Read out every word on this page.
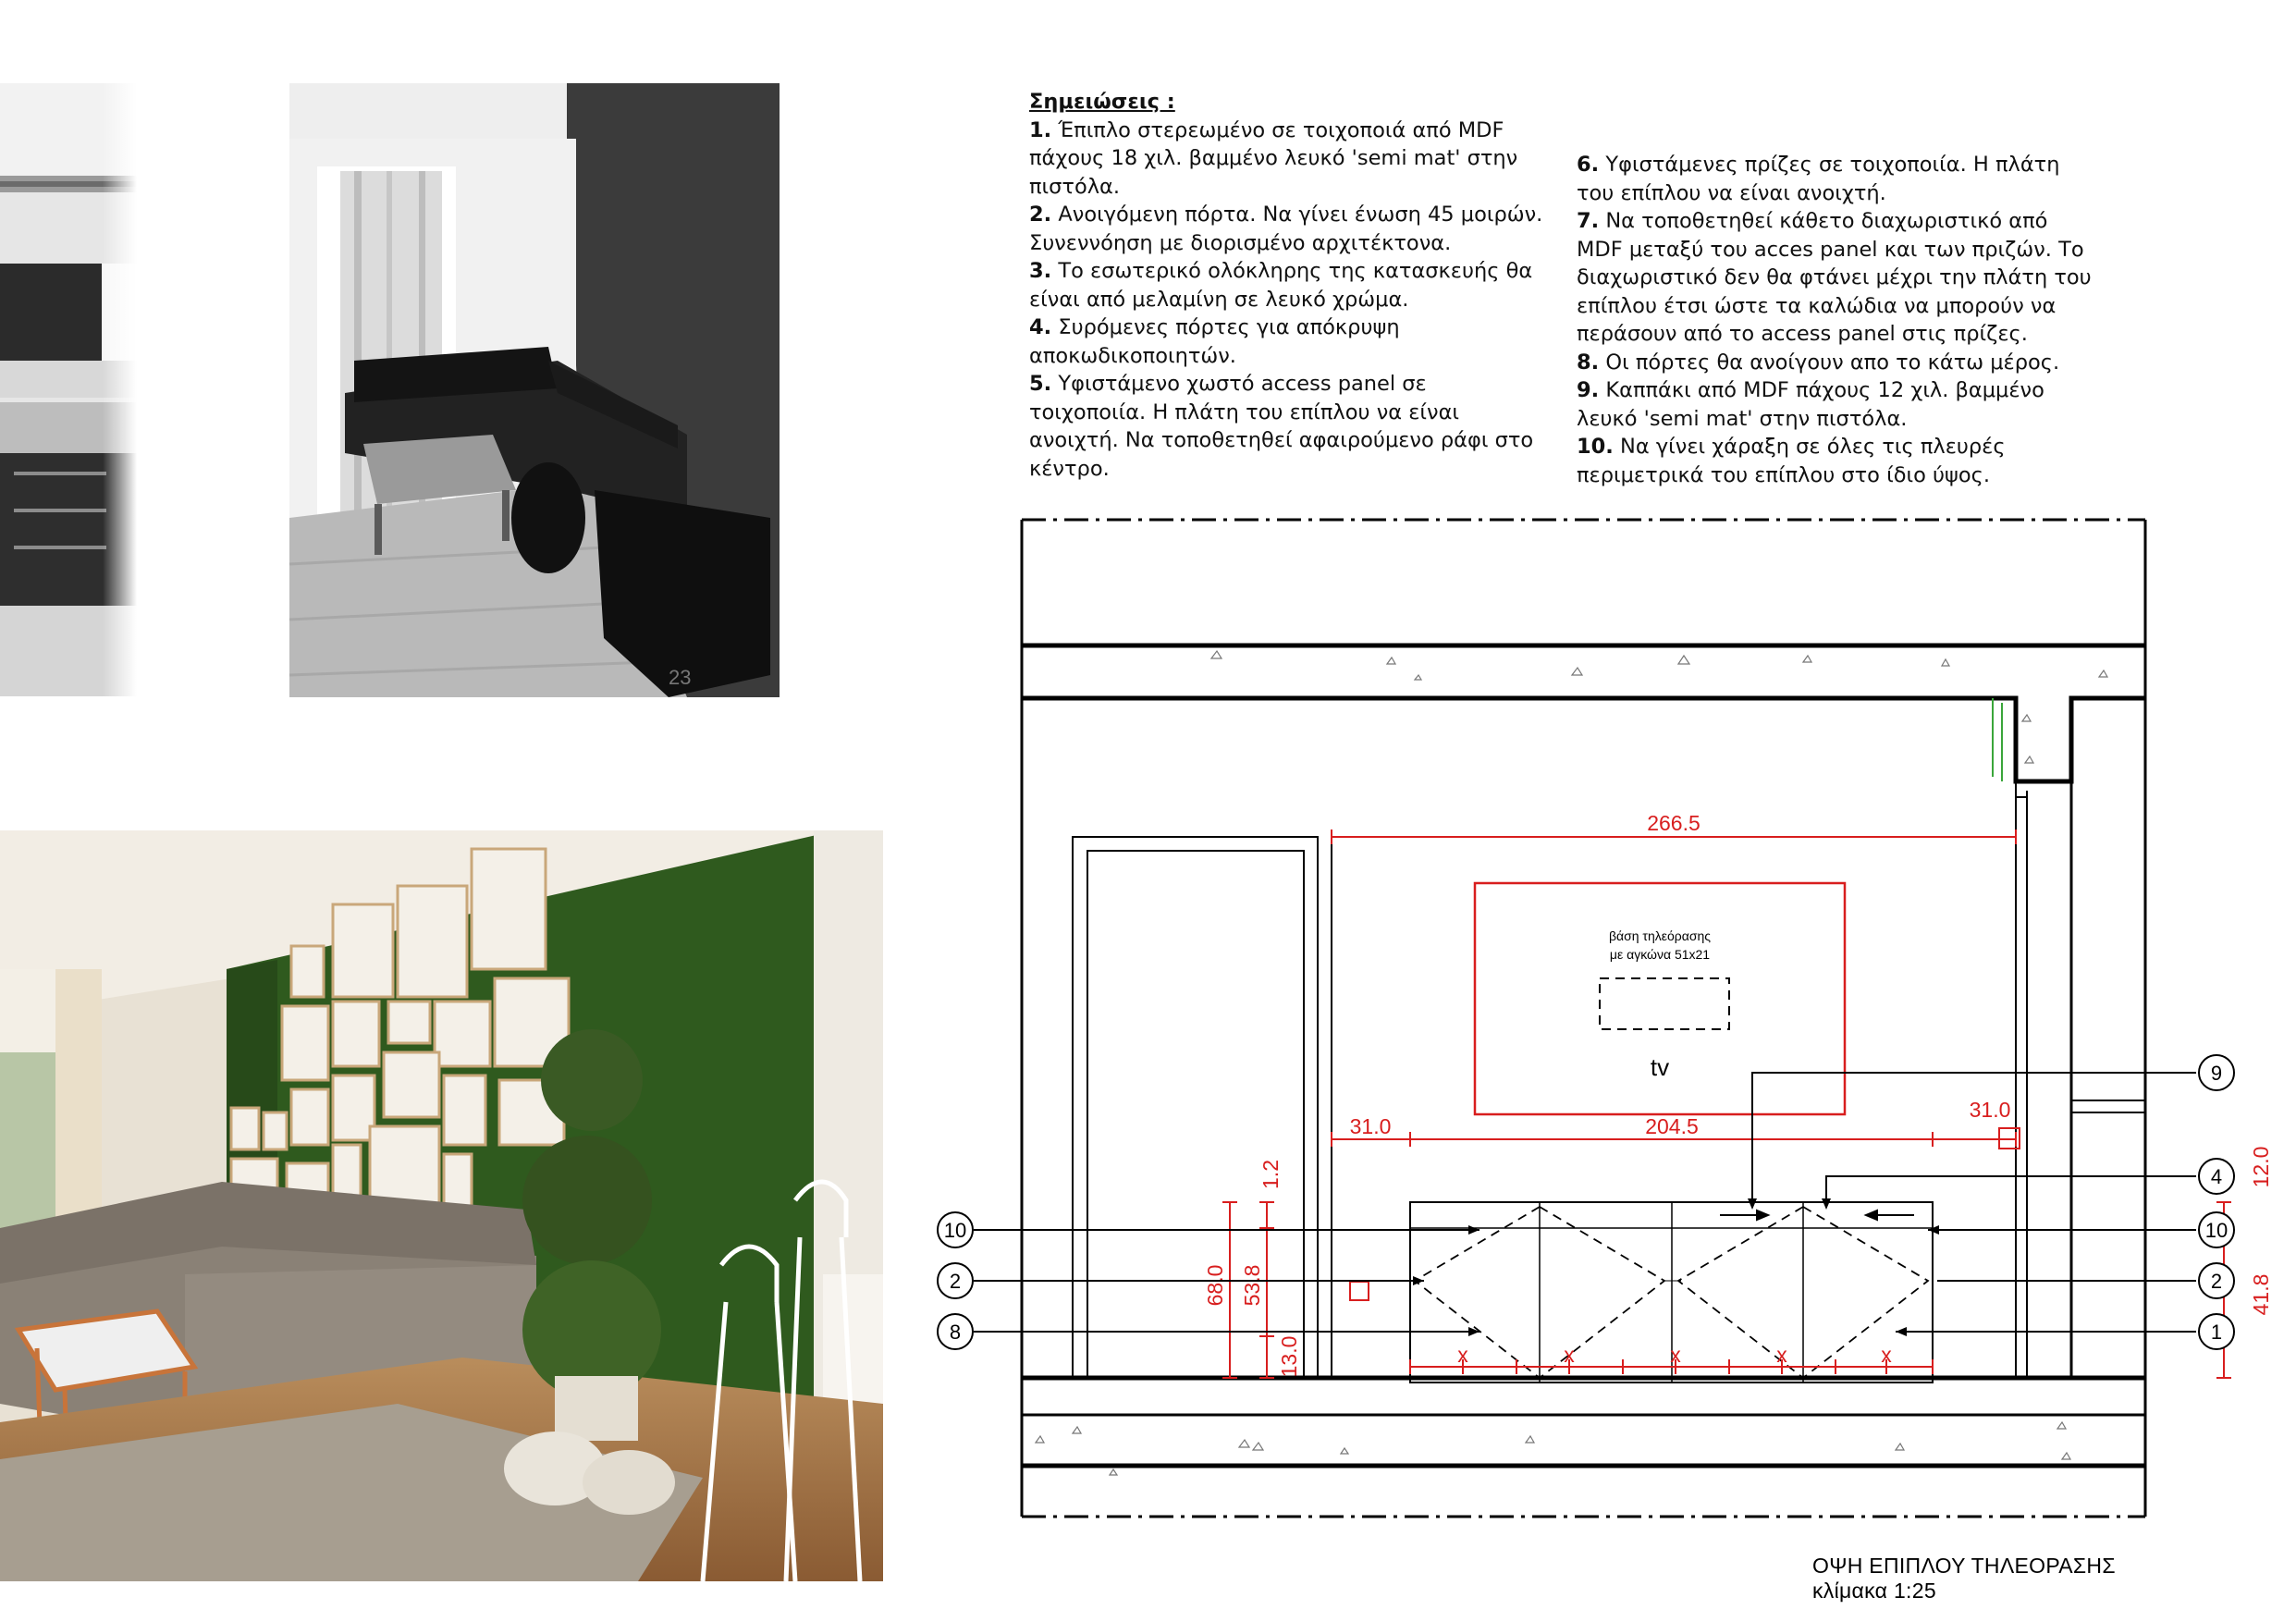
23
Σημειώσεις :

1. Έπιπλο στερεωμένο σε τοιχοποιά από MDF πάχους 18 χιλ. βαμμένο λευκό 'semi mat' στην πιστόλα.

2. Ανοιγόμενη πόρτα. Να γίνει ένωση 45 μοιρών. Συνεννόηση με διορισμένο αρχιτέκτονα.

3. Το εσωτερικό ολόκληρης της κατασκευής θα είναι από μελαμίνη σε λευκό χρώμα.

4. Συρόμενες πόρτες για απόκρυψη αποκωδικοποιητών.

5. Υφιστάμενο χωστό access panel σε τοιχοποιία. Η πλάτη του επίπλου να είναι ανοιχτή. Να τοποθετηθεί αφαιρούμενο ράφι στο κέντρο.

6. Υφιστάμενες πρίζες σε τοιχοποιία. Η πλάτη του επίπλου να είναι ανοιχτή.

7. Να τοποθετηθεί κάθετο διαχωριστικό από MDF μεταξύ του acces panel και των πριζών. Το διαχωριστικό δεν θα φτάνει μέχρι την πλάτη του επίπλου έτσι ώστε τα καλώδια να μπορούν να περάσουν από το access panel στις πρίζες.

8. Οι πόρτες θα ανοίγουν απο το κάτω μέρος.

9. Καππάκι από MDF πάχους 12 χιλ. βαμμένο λευκό 'semi mat' στην πιστόλα.

10. Να γίνει χάραξη σε όλες τις πλευρές περιμετρικά του επίπλου στο ίδιο ύψος.

βάση τηλεόρασης
με αγκώνα 51x21
tv
266.5
31.0	204.5
31.0
68.0 53.8
1.2
13.0
12.0
41.8
x	x	x	x	x
10
2
8
9
4
10
2
1
ΟΨΗ ΕΠΙΠΛΟΥ ΤΗΛΕΟΡΑΣΗΣ
κλίμακα 1:25
